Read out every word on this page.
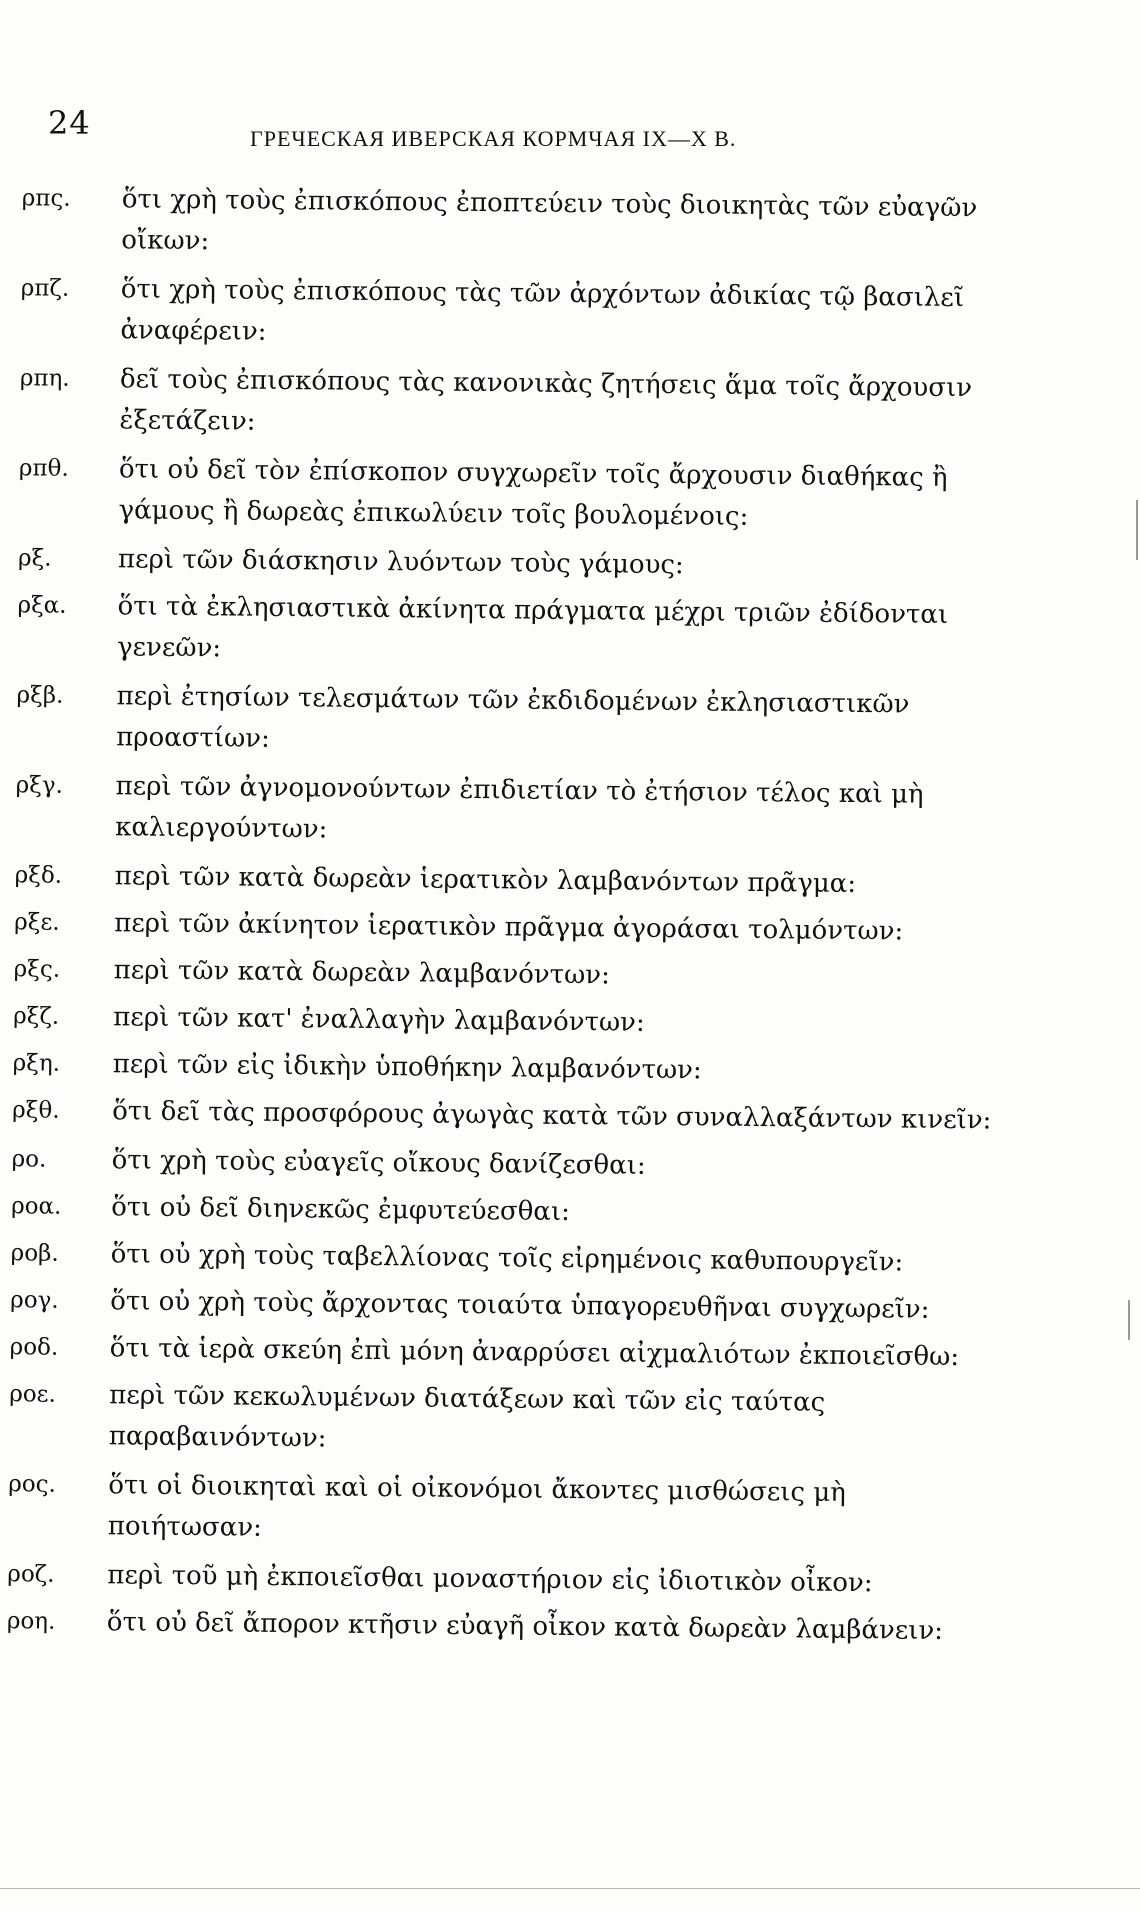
24	ГРЕЧЕСКАЯ ИВЕРСКАЯ КОРМЧАЯ IX—X В.
ρπς.	ὅτι χρὴ τοὺς ἐπισκόπους ἐποπτεύειν τοὺς διοικητὰς τῶν εὐαγῶν οἴκων:
ρπζ.	ὅτι χρὴ τοὺς ἐπισκόπους τὰς τῶν ἀρχόντων ἀδικίας τῷ βασιλεῖ ἀναφέρειν:
ρπη.	δεῖ τοὺς ἐπισκόπους τὰς κανονικὰς ζητήσεις ἅμα τοῖς ἄρχουσιν ἐξετάζειν:
ρπθ.	ὅτι οὐ δεῖ τὸν ἐπίσκοπον συγχωρεῖν τοῖς ἄρχουσιν διαθήκας ἢ γάμους ἢ δωρεὰς ἐπικωλύειν τοῖς βουλομένοις:
ρξ.	περὶ τῶν διάσκησιν λυόντων τοὺς γάμους:
ρξα.	ὅτι τὰ ἐκλησιαστικὰ ἀκίνητα πράγματα μέχρι τριῶν ἐδίδονται γενεῶν:
ρξβ.	περὶ ἐτησίων τελεσμάτων τῶν ἐκδιδομένων ἐκλησιαστικῶν προαστίων:
ρξγ.	περὶ τῶν ἀγνομονούντων ἐπιδιετίαν τὸ ἐτήσιον τέλος καὶ μὴ καλιεργούντων:
ρξδ.	περὶ τῶν κατὰ δωρεὰν ἱερατικὸν λαμβανόντων πρᾶγμα:
ρξε.	περὶ τῶν ἀκίνητον ἱερατικὸν πρᾶγμα ἀγοράσαι τολμόντων:
ρξς.	περὶ τῶν κατὰ δωρεὰν λαμβανόντων:
ρξζ.	περὶ τῶν κατ' ἐναλλαγὴν λαμβανόντων:
ρξη.	περὶ τῶν εἰς ἰδικὴν ὑποθήκην λαμβανόντων:
ρξθ.	ὅτι δεῖ τὰς προσφόρους ἀγωγὰς κατὰ τῶν συναλλαξάντων κινεῖν:
ρο.	ὅτι χρὴ τοὺς εὐαγεῖς οἴκους δανίζεσθαι:
ροα.	ὅτι οὐ δεῖ διηνεκῶς ἐμφυτεύεσθαι:
ροβ.	ὅτι οὐ χρὴ τοὺς ταβελλίονας τοῖς εἰρημένοις καθυπουργεῖν:
ρογ.	ὅτι οὐ χρὴ τοὺς ἄρχοντας τοιαύτα ὑπαγορευθῆναι συγχωρεῖν:
ροδ.	ὅτι τὰ ἱερὰ σκεύη ἐπὶ μόνη ἀναρρύσει αἰχμαλιότων ἐκποιεῖσθω:
ροε.	περὶ τῶν κεκωλυμένων διατάξεων καὶ τῶν εἰς ταύτας παραβαινόντων:
ρος.	ὅτι οἱ διοικηταὶ καὶ οἱ οἰκονόμοι ἄκοντες μισθώσεις μὴ ποιήτωσαν:
ροζ.	περὶ τοῦ μὴ ἐκποιεῖσθαι μοναστήριον εἰς ἰδιοτικὸν οἶκον:
ροη.	ὅτι οὐ δεῖ ἄπορον κτῆσιν εὐαγῆ οἶκον κατὰ δωρεὰν λαμβάνειν:
